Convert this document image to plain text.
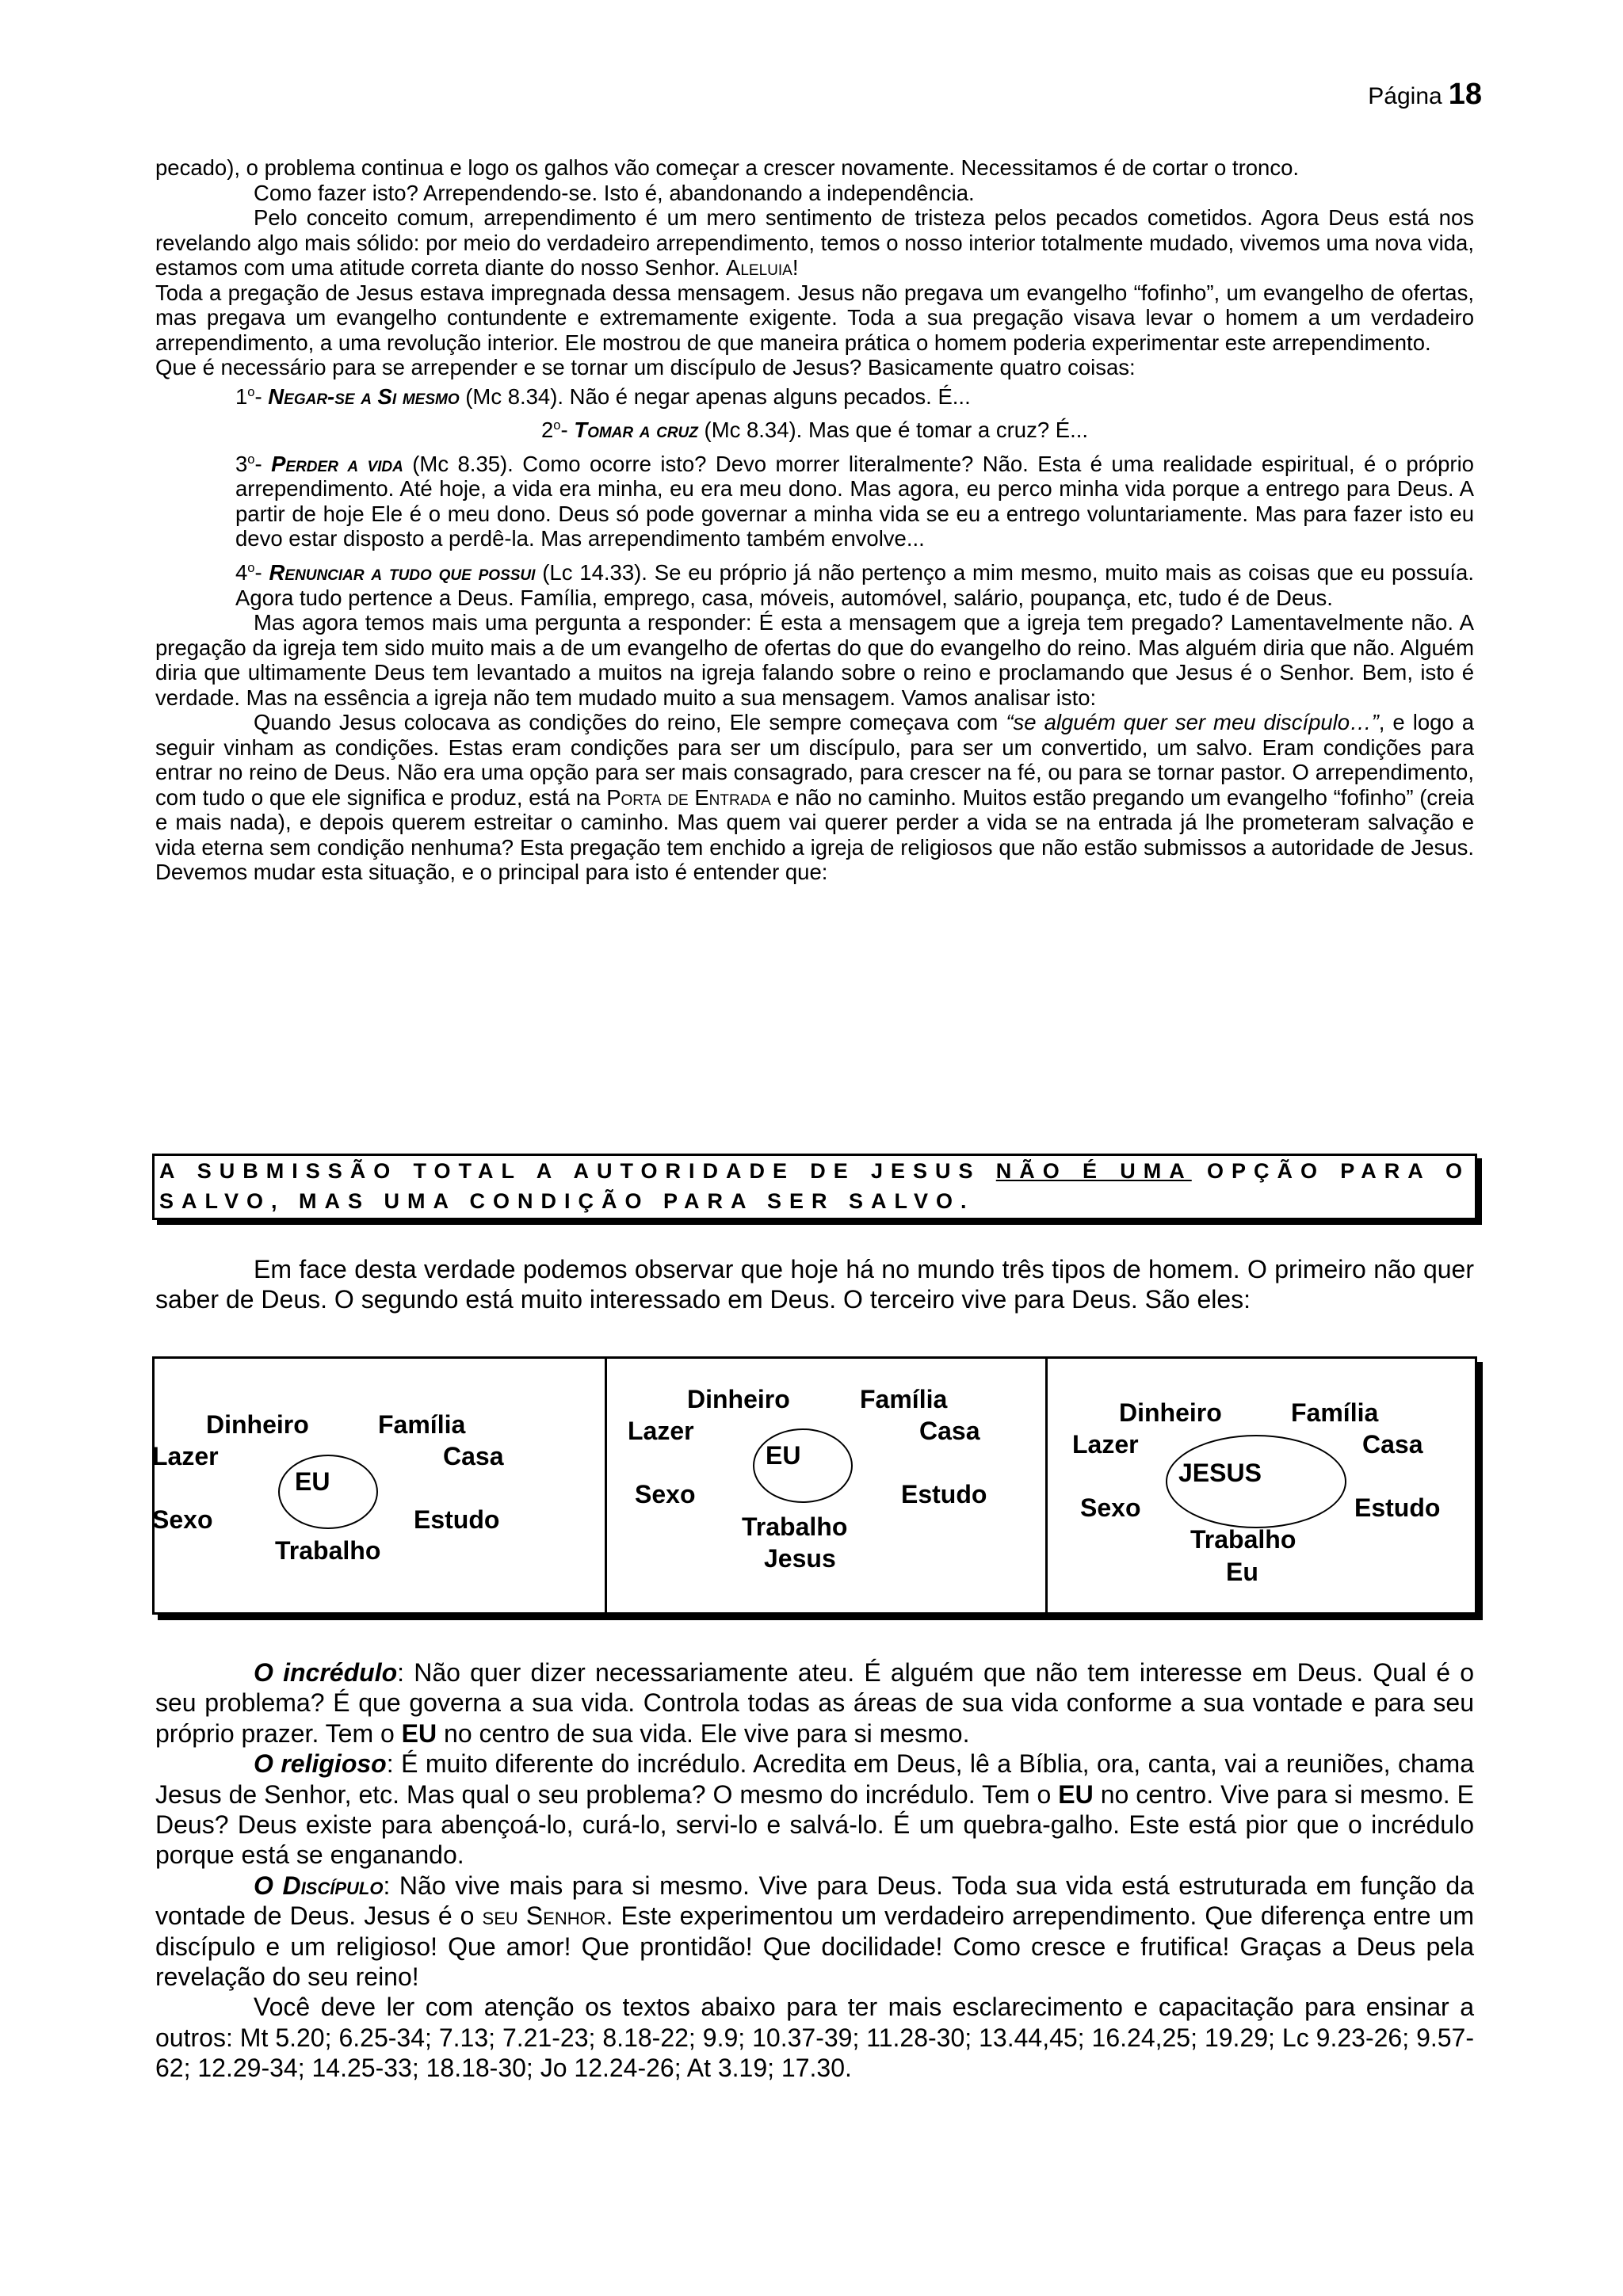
Página 18

pecado), o problema continua e logo os galhos vão começar a crescer novamente. Necessitamos é de cortar o tronco.

Como fazer isto? Arrependendo-se. Isto é, abandonando a independência.

Pelo conceito comum, arrependimento é um mero sentimento de tristeza pelos pecados cometidos. Agora Deus está nos revelando algo mais sólido: por meio do verdadeiro arrependimento, temos o nosso interior totalmente mudado, vivemos uma nova vida, estamos com uma atitude correta diante do nosso Senhor. Aleluia!

Toda a pregação de Jesus estava impregnada dessa mensagem. Jesus não pregava um evangelho “fofinho”, um evangelho de ofertas, mas pregava um evangelho contundente e extremamente exigente. Toda a sua pregação visava levar o homem a um verdadeiro arrependimento, a uma revolução interior. Ele mostrou de que maneira prática o homem poderia experimentar este arrependimento.

Que é necessário para se arrepender e se tornar um discípulo de Jesus? Basicamente quatro coisas:

1$^o$- Negar-se a Si mesmo (Mc 8.34). Não é negar apenas alguns pecados. É...

2$^o$- Tomar a cruz (Mc 8.34). Mas que é tomar a cruz? É...

3$^o$- Perder a vida (Mc 8.35). Como ocorre isto? Devo morrer literalmente? Não. Esta é uma realidade espiritual, é o próprio arrependimento. Até hoje, a vida era minha, eu era meu dono. Mas agora, eu perco minha vida porque a entrego para Deus. A partir de hoje Ele é o meu dono. Deus só pode governar a minha vida se eu a entrego voluntariamente. Mas para fazer isto eu devo estar disposto a perdê-la. Mas arrependimento também envolve...

4$^o$- Renunciar a tudo que possui (Lc 14.33). Se eu próprio já não pertenço a mim mesmo, muito mais as coisas que eu possuía. Agora tudo pertence a Deus. Família, emprego, casa, móveis, automóvel, salário, poupança, etc, tudo é de Deus.

Mas agora temos mais uma pergunta a responder: É esta a mensagem que a igreja tem pregado? Lamentavelmente não. A pregação da igreja tem sido muito mais a de um evangelho de ofertas do que do evangelho do reino. Mas alguém diria que não. Alguém diria que ultimamente Deus tem levantado a muitos na igreja falando sobre o reino e proclamando que Jesus é o Senhor. Bem, isto é verdade. Mas na essência a igreja não tem mudado muito a sua mensagem. Vamos analisar isto:

Quando Jesus colocava as condições do reino, Ele sempre começava com “se alguém quer ser meu discípulo…”, e logo a seguir vinham as condições. Estas eram condições para ser um discípulo, para ser um convertido, um salvo. Eram condições para entrar no reino de Deus. Não era uma opção para ser mais consagrado, para crescer na fé, ou para se tornar pastor. O arrependimento, com tudo o que ele significa e produz, está na Porta de Entrada e não no caminho. Muitos estão pregando um evangelho “fofinho” (creia e mais nada), e depois querem estreitar o caminho. Mas quem vai querer perder a vida se na entrada já lhe prometeram salvação e vida eterna sem condição nenhuma? Esta pregação tem enchido a igreja de religiosos que não estão submissos a autoridade de Jesus. Devemos mudar esta situação, e o principal para isto é entender que:

A SUBMISSÃO TOTAL A AUTORIDADE DE JESUS NÃO É UMA OPÇÃO PARA O SALVO, MAS UMA CONDIÇÃO PARA SER SALVO.

Em face desta verdade podemos observar que hoje há no mundo três tipos de homem. O primeiro não quer saber de Deus. O segundo está muito interessado em Deus. O terceiro vive para Deus. São eles:

Dinheiro	Família
Lazer	Casa
EU
Sexo	Estudo
Trabalho
Dinheiro	Família
Lazer	Casa
EU
Sexo	Estudo
Trabalho
Jesus
Dinheiro	Família
Lazer	Casa
JESUS
Sexo	Estudo
Trabalho
Eu

O incrédulo: Não quer dizer necessariamente ateu. É alguém que não tem interesse em Deus. Qual é o seu problema? É que governa a sua vida. Controla todas as áreas de sua vida conforme a sua vontade e para seu próprio prazer. Tem o EU no centro de sua vida. Ele vive para si mesmo.

O religioso: É muito diferente do incrédulo. Acredita em Deus, lê a Bíblia, ora, canta, vai a reuniões, chama Jesus de Senhor, etc. Mas qual o seu problema? O mesmo do incrédulo. Tem o EU no centro. Vive para si mesmo. E Deus? Deus existe para abençoá-lo, curá-lo, servi-lo e salvá-lo. É um quebra-galho. Este está pior que o incrédulo porque está se enganando.

O Discípulo: Não vive mais para si mesmo. Vive para Deus. Toda sua vida está estruturada em função da vontade de Deus. Jesus é o seu Senhor. Este experimentou um verdadeiro arrependimento. Que diferença entre um discípulo e um religioso! Que amor! Que prontidão! Que docilidade! Como cresce e frutifica! Graças a Deus pela revelação do seu reino!

Você deve ler com atenção os textos abaixo para ter mais esclarecimento e capacitação para ensinar a outros: Mt 5.20; 6.25-34; 7.13; 7.21-23; 8.18-22; 9.9; 10.37-39; 11.28-30; 13.44,45; 16.24,25; 19.29; Lc 9.23-26; 9.57-62; 12.29-34; 14.25-33; 18.18-30; Jo 12.24-26; At 3.19; 17.30.
